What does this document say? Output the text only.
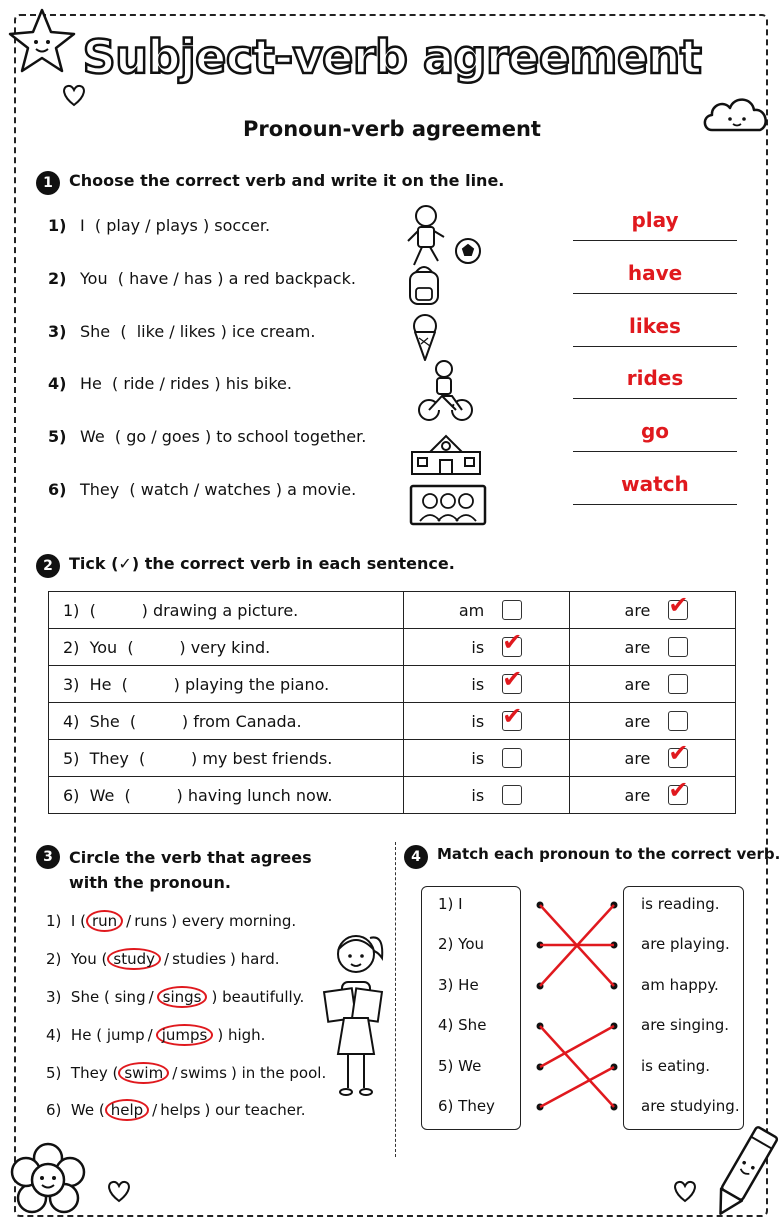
Subject-verb agreement
Pronoun-verb agreement
1	Choose the correct verb and write it on the line.
1) I  ( play / plays ) soccer.	play
2) You  ( have / has ) a red backpack.	have
3) She  (  like / likes ) ice cream.	likes
4) He  ( ride / rides ) his bike.	rides
5) We  ( go / goes ) to school together.	go
6) They  ( watch / watches ) a movie.	watch
2	Tick (✓) the correct verb in each sentence.
1)  (         ) drawing a picture.	am	are ✔

2)  You  (         ) very kind.	is ✔	are

3)  He  (         ) playing the piano.	is ✔	are

4)  She  (         ) from Canada.	is ✔	are

5)  They  (         ) my best friends.	is	are ✔

6)  We  (         ) having lunch now.	is	are ✔
3	Circle the verb that agrees
with the pronoun.
1)  I ( run / runs ) every morning.
2)  You ( study / studies ) hard.
3)  She ( sing / sings ) beautifully.
4)  He ( jump / jumps ) high.
5)  They ( swim / swims ) in the pool.
6)  We ( help / helps ) our teacher.
4	Match each pronoun to the correct verb.
1) I
2) You
3) He
4) She
5) We
6) They
is reading.
are playing.
am happy.
are singing.
is eating.
are studying.
